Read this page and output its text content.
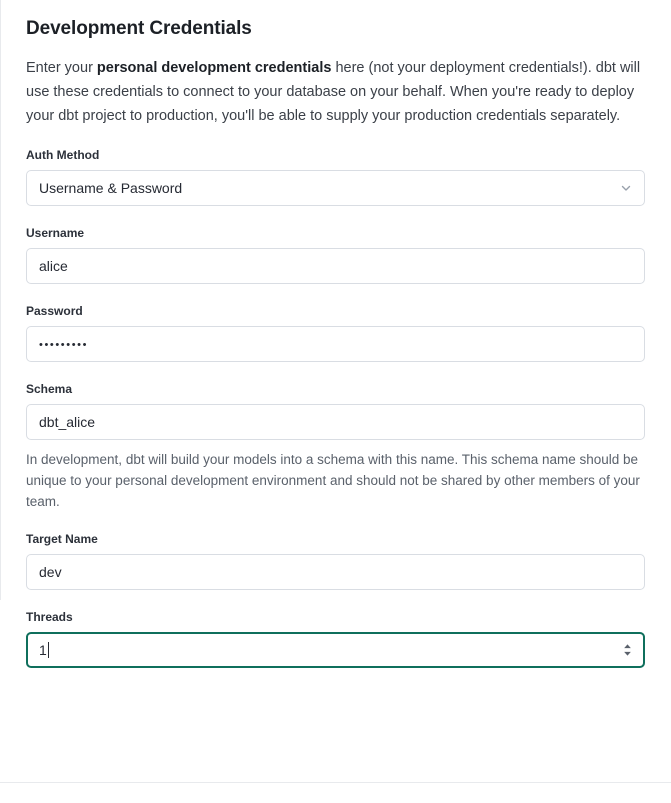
Development Credentials

Enter your personal development credentials here (not your deployment credentials!). dbt will use these credentials to connect to your database on your behalf. When you're ready to deploy your dbt project to production, you'll be able to supply your production credentials separately.

Auth Method
Username & Password
Username
alice
Password
•••••••••
Schema
dbt_alice

In development, dbt will build your models into a schema with this name. This schema name should be unique to your personal development environment and should not be shared by other members of your team.

Target Name
dev
Threads
1
